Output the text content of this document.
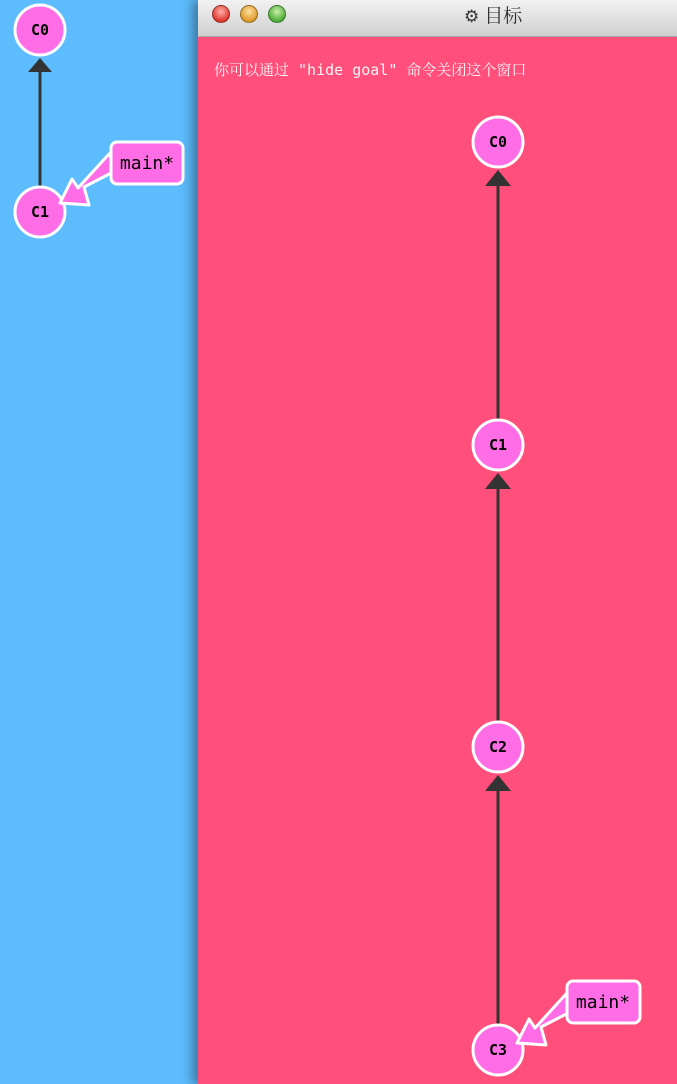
C0
C1
main*
⚙ 目标
你可以通过 "hide goal" 命令关闭这个窗口
C0
C1
C2
C3
main*
